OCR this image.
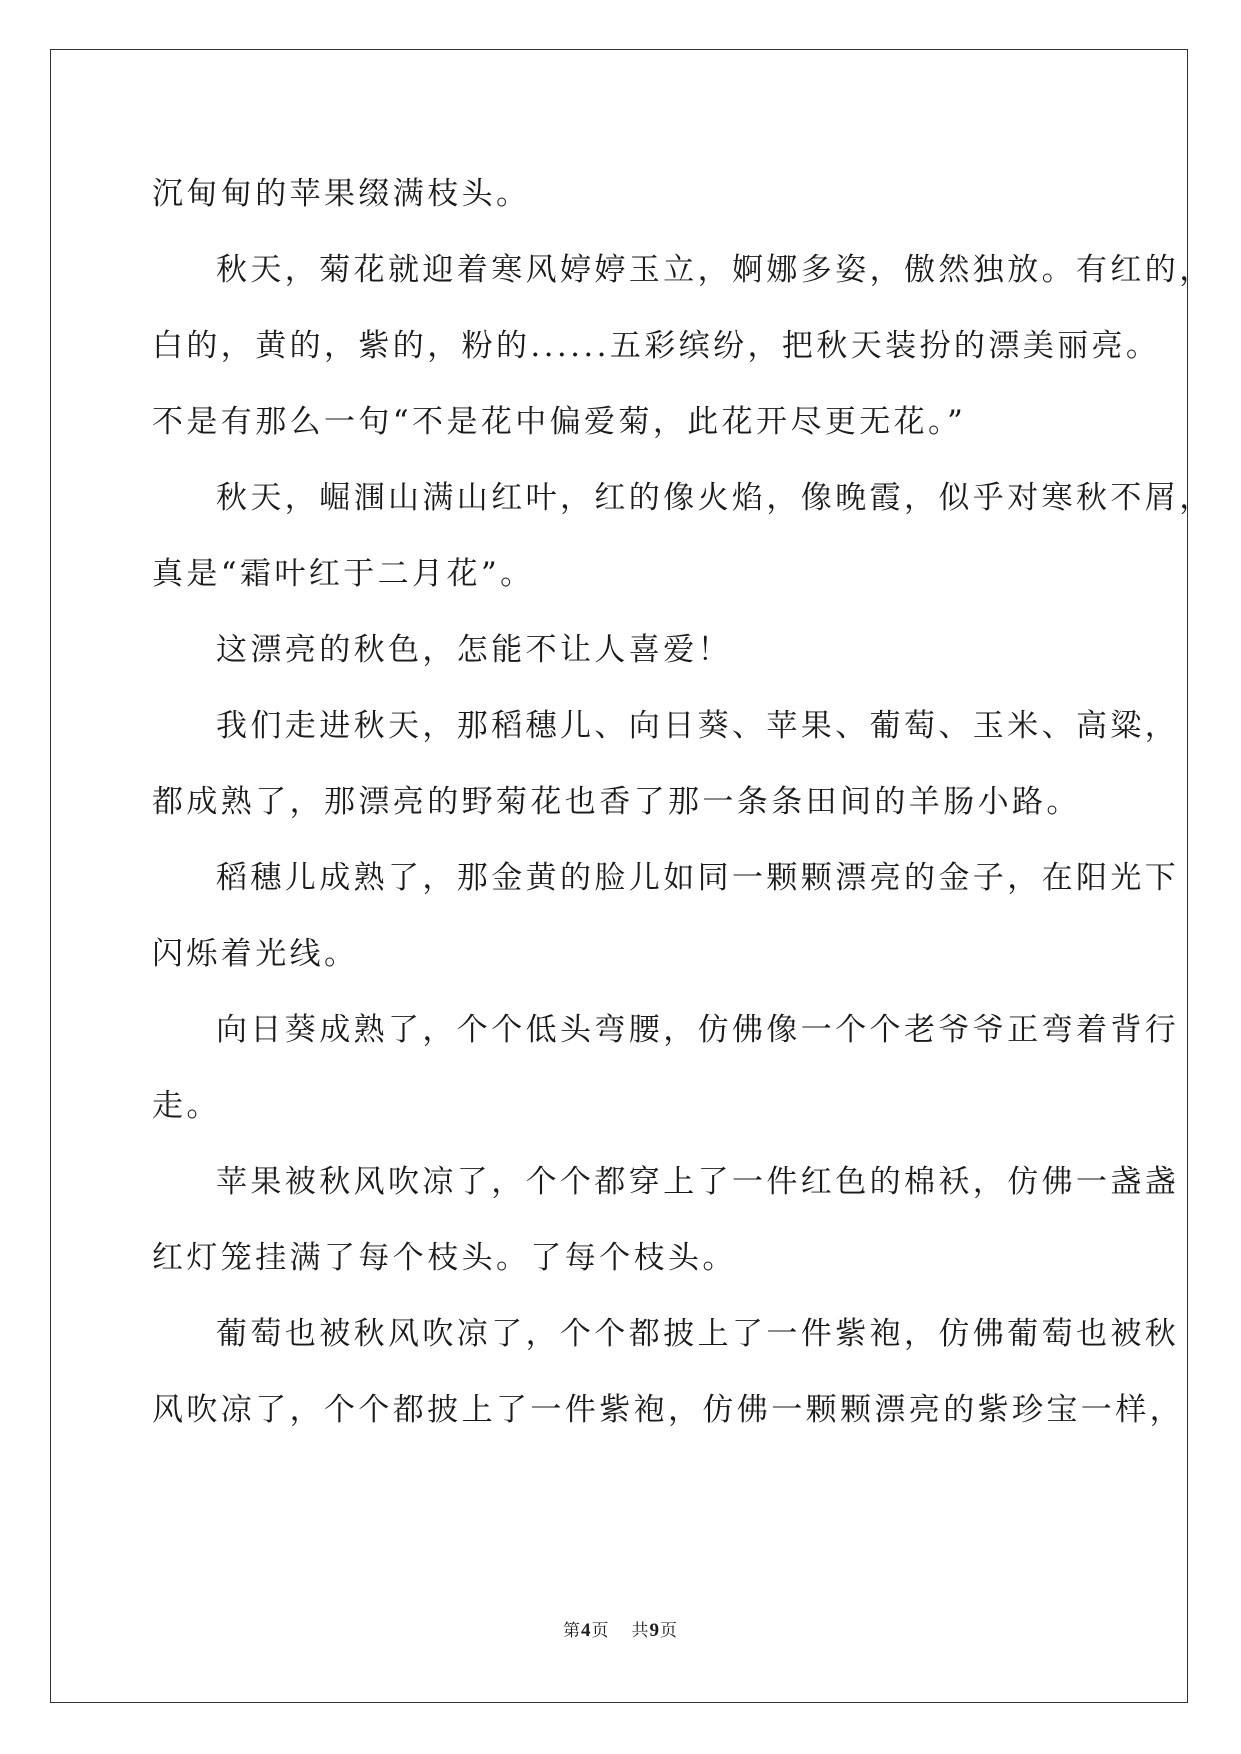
沉甸甸的苹果缀满枝头。
秋天，菊花就迎着寒风婷婷玉立，婀娜多姿，傲然独放。有红的，
白的，黄的，紫的，粉的......五彩缤纷，把秋天装扮的漂美丽亮。
不是有那么一句“不是花中偏爱菊，此花开尽更无花。”
秋天，崛涠山满山红叶，红的像火焰，像晚霞，似乎对寒秋不屑，
真是“霜叶红于二月花”。
这漂亮的秋色，怎能不让人喜爱！
我们走进秋天，那稻穗儿、向日葵、苹果、葡萄、玉米、高粱，
都成熟了，那漂亮的野菊花也香了那一条条田间的羊肠小路。
稻穗儿成熟了，那金黄的脸儿如同一颗颗漂亮的金子，在阳光下
闪烁着光线。
向日葵成熟了，个个低头弯腰，仿佛像一个个老爷爷正弯着背行
走。
苹果被秋风吹凉了，个个都穿上了一件红色的棉袄，仿佛一盏盏
红灯笼挂满了每个枝头。了每个枝头。
葡萄也被秋风吹凉了，个个都披上了一件紫袍，仿佛葡萄也被秋
风吹凉了，个个都披上了一件紫袍，仿佛一颗颗漂亮的紫珍宝一样，
第4页 共9页
